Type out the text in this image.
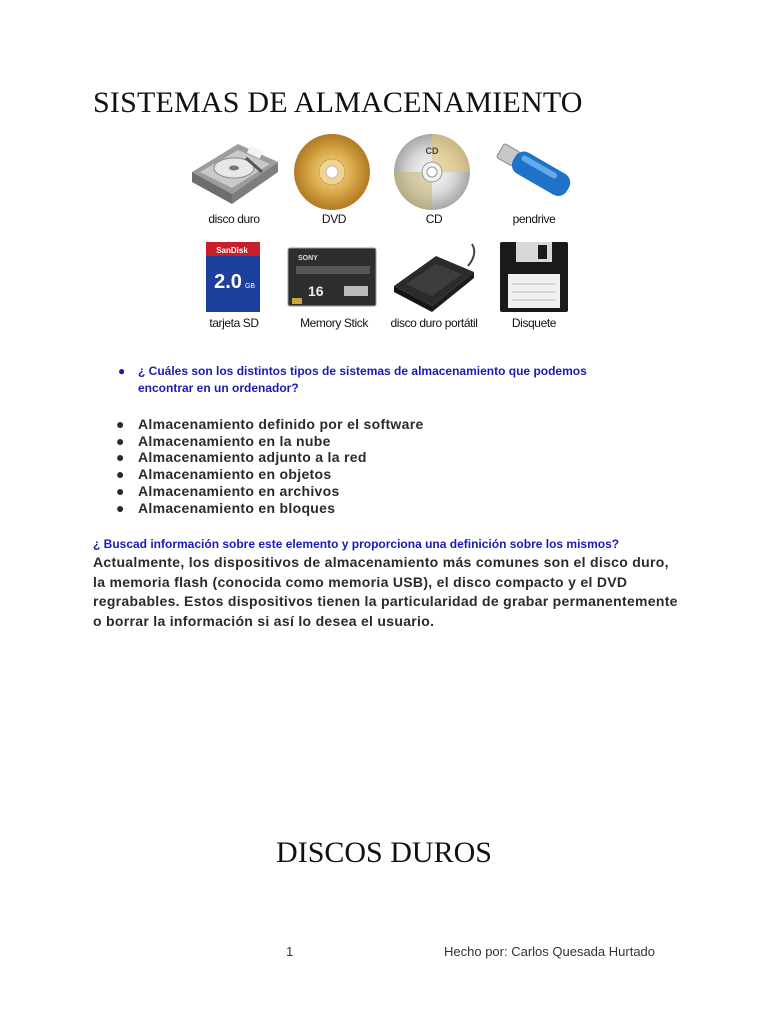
SISTEMAS DE ALMACENAMIENTO
disco duro	DVD
CD
CD	pendrive
SanDisk
2.0 GB
tarjeta SD
SONY
16
Memory Stick	disco duro portátil	Disquete
● ¿ Cuáles son los distintos tipos de sistemas de almacenamiento que podemos encontrar en un ordenador?
● Almacenamiento definido por el software
● Almacenamiento en la nube
● Almacenamiento adjunto a la red
● Almacenamiento en objetos
● Almacenamiento en archivos
● Almacenamiento en bloques
¿ Buscad información sobre este elemento y proporciona una definición sobre los mismos?

Actualmente, los dispositivos de almacenamiento más comunes son el disco duro, la memoria flash (conocida como memoria USB), el disco compacto y el DVD regrabables. Estos dispositivos tienen la particularidad de grabar permanentemente o borrar la información si así lo desea el usuario.

DISCOS DUROS
1	Hecho por: Carlos Quesada Hurtado
